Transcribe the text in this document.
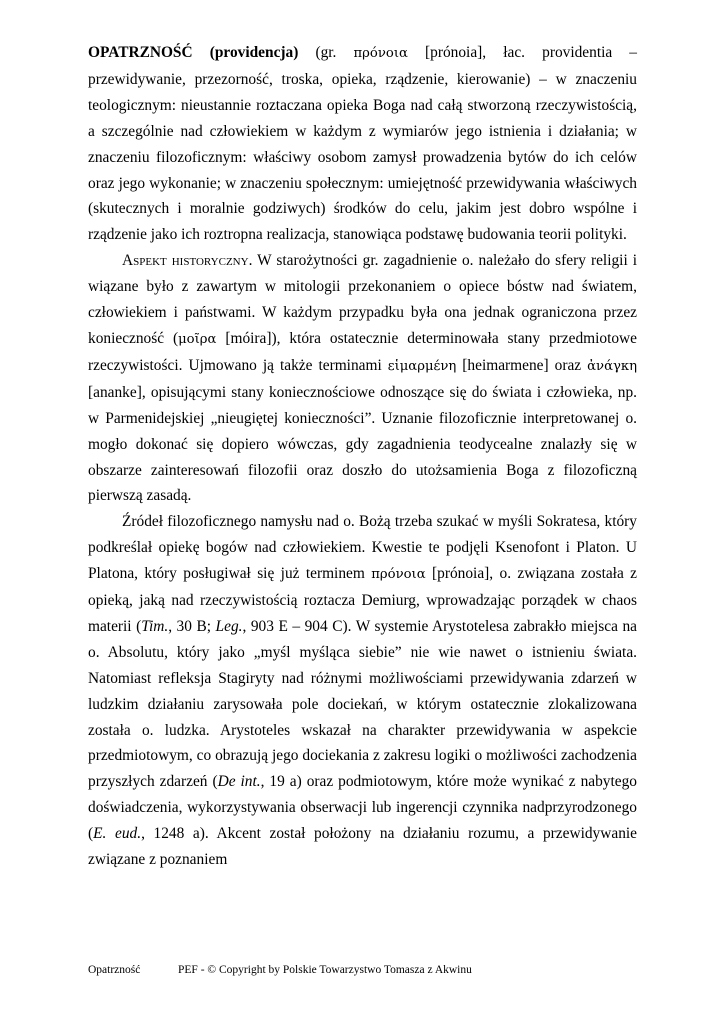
OPATRZNOŚĆ (providencja) (gr. πρόνοια [prónoia], łac. providentia – przewidywanie, przezorność, troska, opieka, rządzenie, kierowanie) – w znaczeniu teologicznym: nieustannie roztaczana opieka Boga nad całą stworzoną rzeczywistością, a szczególnie nad człowiekiem w każdym z wymiarów jego istnienia i działania; w znaczeniu filozoficznym: właściwy osobom zamysł prowadzenia bytów do ich celów oraz jego wykonanie; w znaczeniu społecznym: umiejętność przewidywania właściwych (skutecznych i moralnie godziwych) środków do celu, jakim jest dobro wspólne i rządzenie jako ich roztropna realizacja, stanowiąca podstawę budowania teorii polityki.

Aspekt historyczny. W starożytności gr. zagadnienie o. należało do sfery religii i wiązane było z zawartym w mitologii przekonaniem o opiece bóstw nad światem, człowiekiem i państwami. W każdym przypadku była ona jednak ograniczona przez konieczność (μοῖρα [móira]), która ostatecznie determinowała stany przedmiotowe rzeczywistości. Ujmowano ją także terminami εἱμαρμένη [heimarmene] oraz ἀνάγκη [ananke], opisującymi stany koniecznościowe odnoszące się do świata i człowieka, np. w Parmenidejskiej „nieugiętej konieczności”. Uznanie filozoficznie interpretowanej o. mogło dokonać się dopiero wówczas, gdy zagadnienia teodycealne znalazły się w obszarze zainteresowań filozofii oraz doszło do utożsamienia Boga z filozoficzną pierwszą zasadą.

Źródeł filozoficznego namysłu nad o. Bożą trzeba szukać w myśli Sokratesa, który podkreślał opiekę bogów nad człowiekiem. Kwestie te podjęli Ksenofont i Platon. U Platona, który posługiwał się już terminem πρόνοια [prónoia], o. związana została z opieką, jaką nad rzeczywistością roztacza Demiurg, wprowadzając porządek w chaos materii (Tim., 30 B; Leg., 903 E – 904 C). W systemie Arystotelesa zabrakło miejsca na o. Absolutu, który jako „myśl myśląca siebie” nie wie nawet o istnieniu świata. Natomiast refleksja Stagiryty nad różnymi możliwościami przewidywania zdarzeń w ludzkim działaniu zarysowała pole dociekań, w którym ostatecznie zlokalizowana została o. ludzka. Arystoteles wskazał na charakter przewidywania w aspekcie przedmiotowym, co obrazują jego dociekania z zakresu logiki o możliwości zachodzenia przyszłych zdarzeń (De int., 19 a) oraz podmiotowym, które może wynikać z nabytego doświadczenia, wykorzystywania obserwacji lub ingerencji czynnika nadprzyrodzonego (E. eud., 1248 a). Akcent został położony na działaniu rozumu, a przewidywanie związane z poznaniem

Opatrzność	PEF - © Copyright by Polskie Towarzystwo Tomasza z Akwinu
